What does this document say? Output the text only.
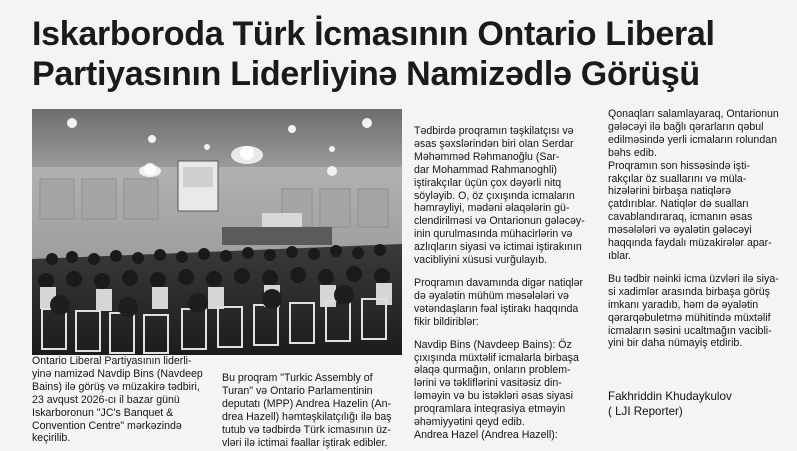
Iskarboroda Türk İcmasının Ontario Liberal
Partiyasının Liderliyinə Namizədlə Görüşü

Ontario Liberal Partiyasının liderli-

yinə namizəd Navdip Bins (Navdeep

Bains) ilə görüş və müzakirə tədbiri,

23 avqust 2026-cı il bazar günü

Iskarboronun "JC's Banquet &

Convention Centre" mərkəzində

keçirilib.

Bu proqram "Turkic Assembly of

Turan" və Ontario Parlamentinin

deputatı (MPP) Andrea Hazelin (An-

drea Hazell) həmtəşkilatçılığı ilə baş

tutub və tədbirdə Türk icmasının üz-

vləri ilə ictimai fəallar iştirak edibler.

Tədbirdə proqramın təşkilatçısı və

əsas şəxslərindən biri olan Serdar

Məhəmməd Rəhmanoğlu (Sar-

dar Mohammad Rahmanoghli)

iştirakçılar üçün çox dəyərli nitq

söyləyib. O, öz çıxışında icmaların

həmrəyliyi, mədəni əlaqələrin gü-

clendirilməsi və Ontarionun gələcəy-

inin qurulmasında mühacirlərin və

azlıqların siyasi və ictimai iştirakının

vacibliyini xüsusi vurğulayıb.

Proqramın davamında digər natiqlər

də əyalətin mühüm məsələləri və

vətəndaşların fəal iştirakı haqqında

fikir bildiriblər:

Navdip Bins (Navdeep Bains): Öz

çıxışında müxtəlif icmalarla birbaşa

əlaqə qurmağın, onların problem-

lərini və təkliflərini vasitəsiz din-

ləməyin və bu istəkləri əsas siyasi

proqramlara inteqrasiya etməyin

əhəmiyyətini qeyd edib.

Andrea Hazel (Andrea Hazell):

Qonaqları salamlayaraq, Ontarionun

gələcəyi ilə bağlı qərarların qəbul

edilməsində yerli icmaların rolundan

bəhs edib.

Proqramın son hissəsində işti-

rakçılar öz suallarını və müla-

hizələrini birbaşa natiqlərə

çatdırıblar. Natiqlər də sualları

cavablandıraraq, icmanın əsas

məsələləri və əyalətin gələcəyi

haqqında faydalı müzakirələr apar-

ıblar.

Bu tədbir nəinki icma üzvləri ilə siya-

si xadimlər arasında birbaşa görüş

imkanı yaradıb, həm də əyalətin

qərarqəbuletmə mühitində müxtəlif

icmaların səsini ucaltmağın vacibli-

yini bir daha nümayiş etdirib.

Fakhriddin Khudaykulov

( LJI Reporter)
